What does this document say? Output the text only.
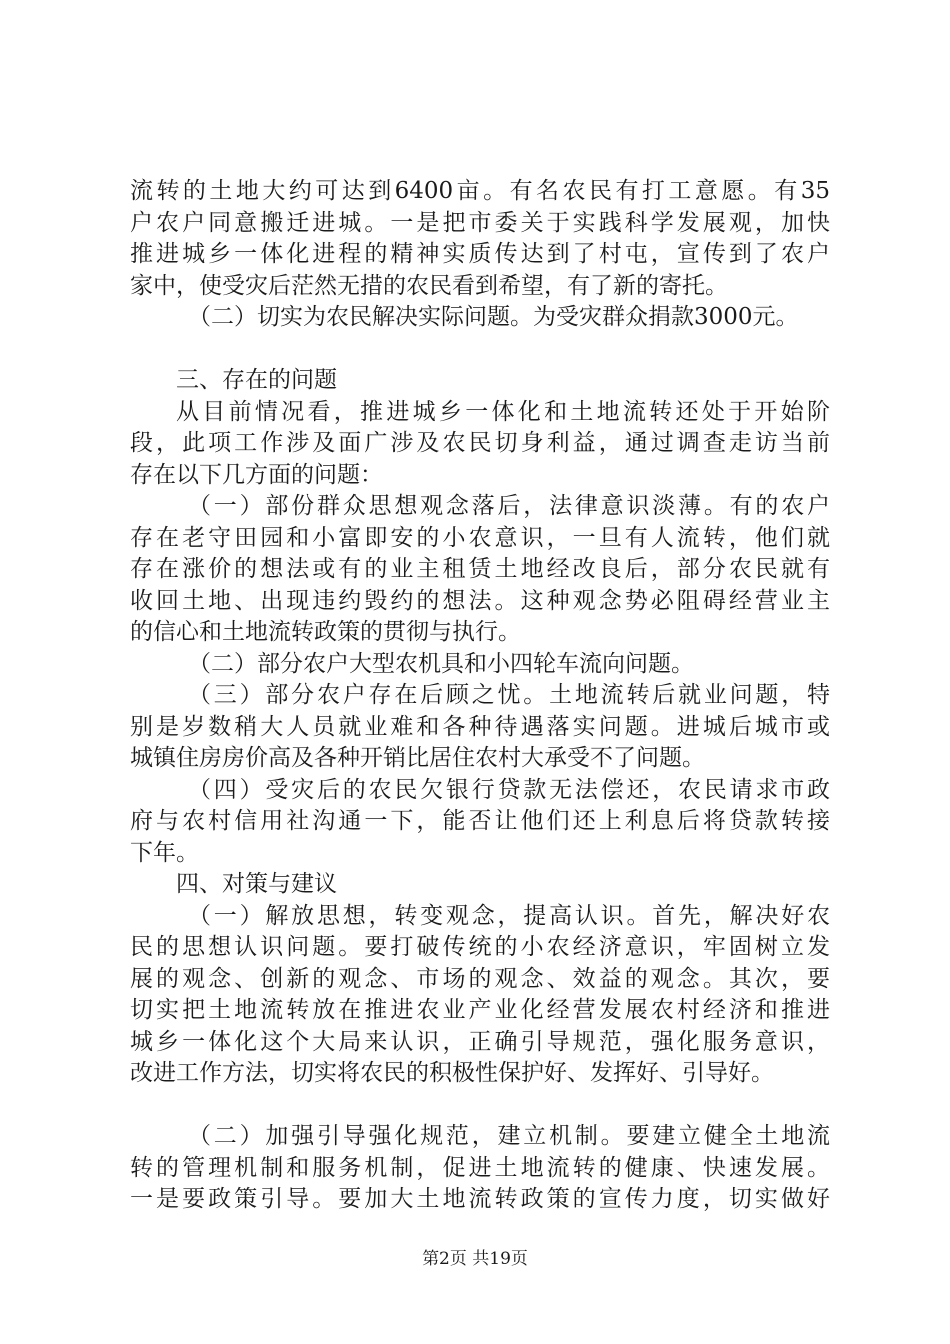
流转的土地大约可达到6400亩。有名农民有打工意愿。有35
户农户同意搬迁进城。一是把市委关于实践科学发展观，加快
推进城乡一体化进程的精神实质传达到了村屯，宣传到了农户
家中，使受灾后茫然无措的农民看到希望，有了新的寄托。
（二）切实为农民解决实际问题。为受灾群众捐款3000元。
三、存在的问题
从目前情况看，推进城乡一体化和土地流转还处于开始阶
段，此项工作涉及面广涉及农民切身利益，通过调查走访当前
存在以下几方面的问题：
（一）部份群众思想观念落后，法律意识淡薄。有的农户
存在老守田园和小富即安的小农意识，一旦有人流转，他们就
存在涨价的想法或有的业主租赁土地经改良后，部分农民就有
收回土地、出现违约毁约的想法。这种观念势必阻碍经营业主
的信心和土地流转政策的贯彻与执行。
（二）部分农户大型农机具和小四轮车流向问题。
（三）部分农户存在后顾之忧。土地流转后就业问题，特
别是岁数稍大人员就业难和各种待遇落实问题。进城后城市或
城镇住房房价高及各种开销比居住农村大承受不了问题。
（四）受灾后的农民欠银行贷款无法偿还，农民请求市政
府与农村信用社沟通一下，能否让他们还上利息后将贷款转接
下年。
四、对策与建议
（一）解放思想，转变观念，提高认识。首先，解决好农
民的思想认识问题。要打破传统的小农经济意识，牢固树立发
展的观念、创新的观念、市场的观念、效益的观念。其次，要
切实把土地流转放在推进农业产业化经营发展农村经济和推进
城乡一体化这个大局来认识，正确引导规范，强化服务意识，
改进工作方法，切实将农民的积极性保护好、发挥好、引导好。
（二）加强引导强化规范，建立机制。要建立健全土地流
转的管理机制和服务机制，促进土地流转的健康、快速发展。
一是要政策引导。要加大土地流转政策的宣传力度，切实做好
第2页 共19页
